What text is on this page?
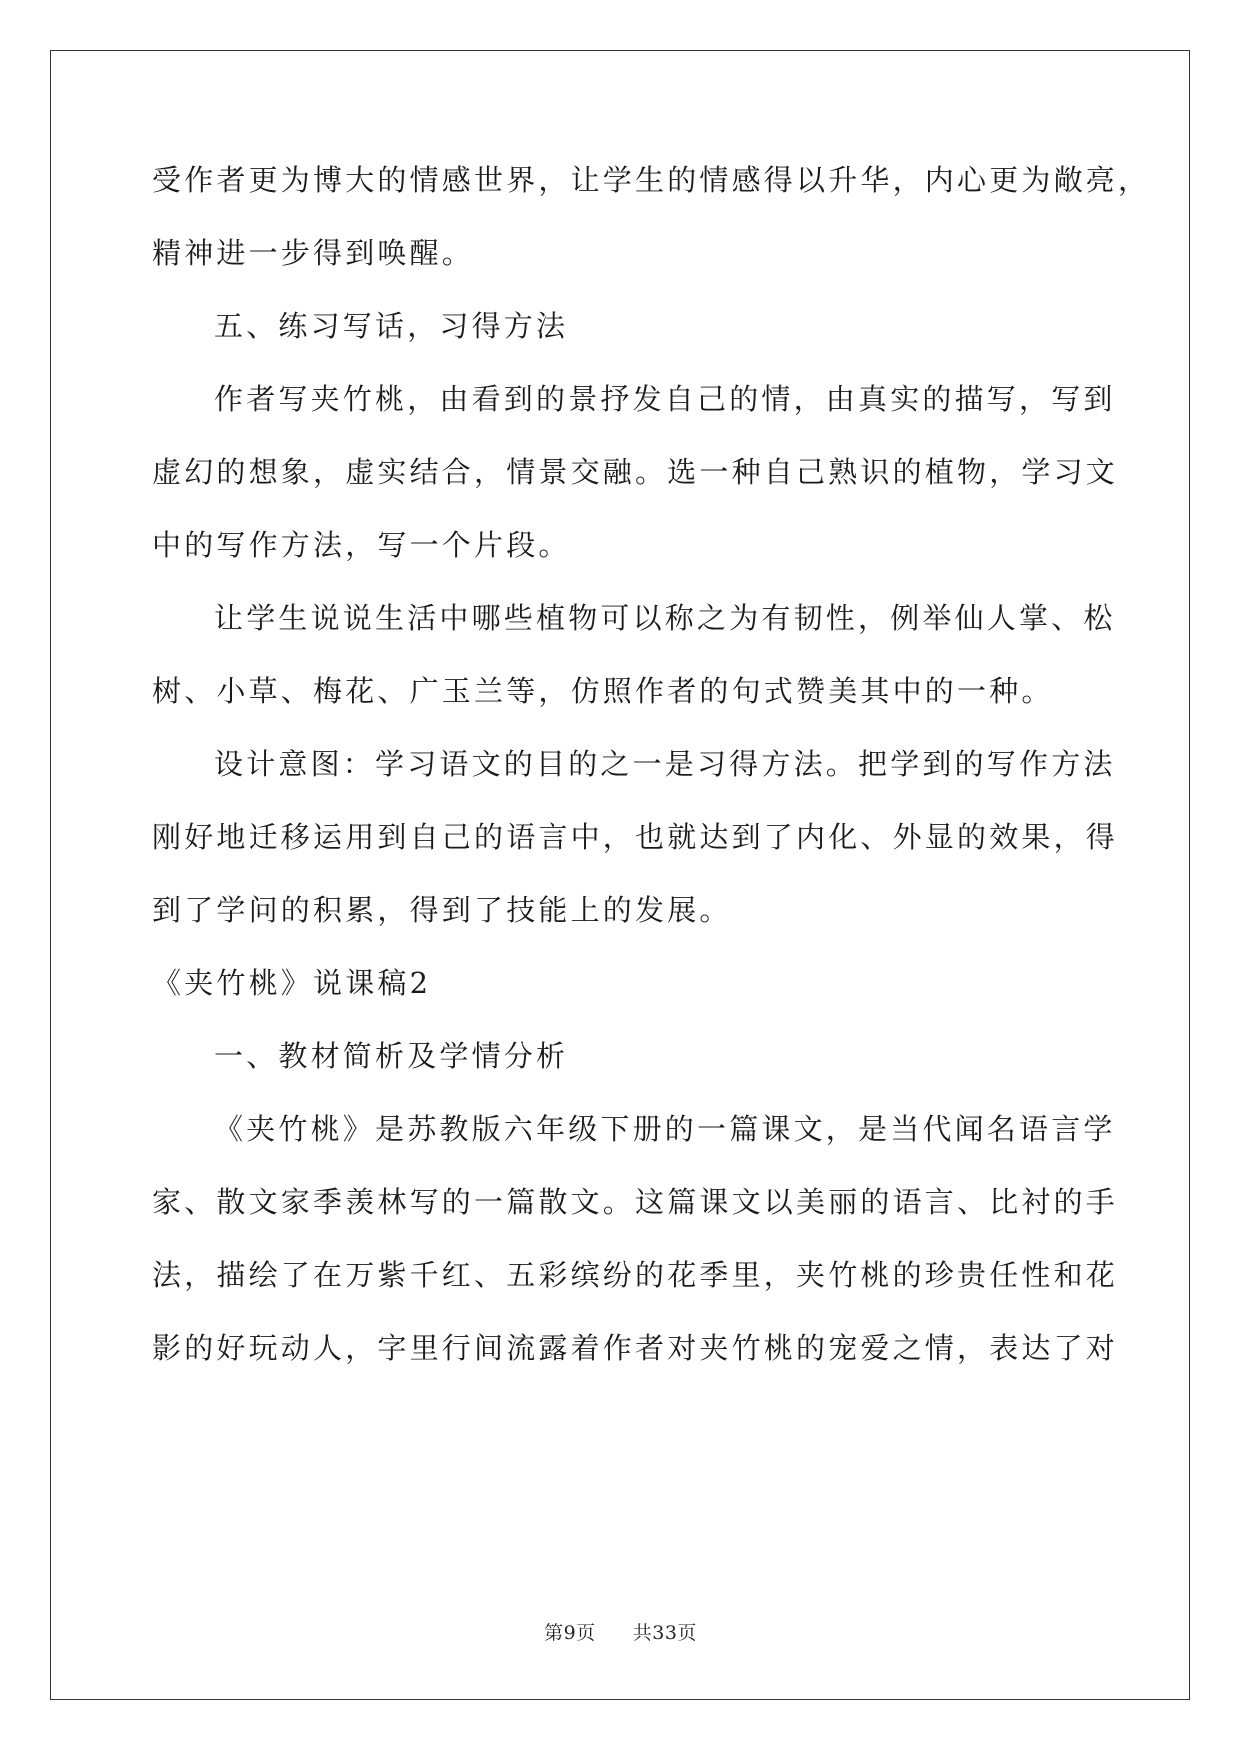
受作者更为博大的情感世界，让学生的情感得以升华，内心更为敞亮，
精神进一步得到唤醒。
五、练习写话，习得方法
作者写夹竹桃，由看到的景抒发自己的情，由真实的描写，写到
虚幻的想象，虚实结合，情景交融。选一种自己熟识的植物，学习文
中的写作方法，写一个片段。
让学生说说生活中哪些植物可以称之为有韧性，例举仙人掌、松
树、小草、梅花、广玉兰等，仿照作者的句式赞美其中的一种。
设计意图：学习语文的目的之一是习得方法。把学到的写作方法
刚好地迁移运用到自己的语言中，也就达到了内化、外显的效果，得
到了学问的积累，得到了技能上的发展。
《夹竹桃》说课稿2
一、教材简析及学情分析
《夹竹桃》是苏教版六年级下册的一篇课文，是当代闻名语言学
家、散文家季羡林写的一篇散文。这篇课文以美丽的语言、比衬的手
法，描绘了在万紫千红、五彩缤纷的花季里，夹竹桃的珍贵任性和花
影的好玩动人，字里行间流露着作者对夹竹桃的宠爱之情，表达了对
第9页 共33页
